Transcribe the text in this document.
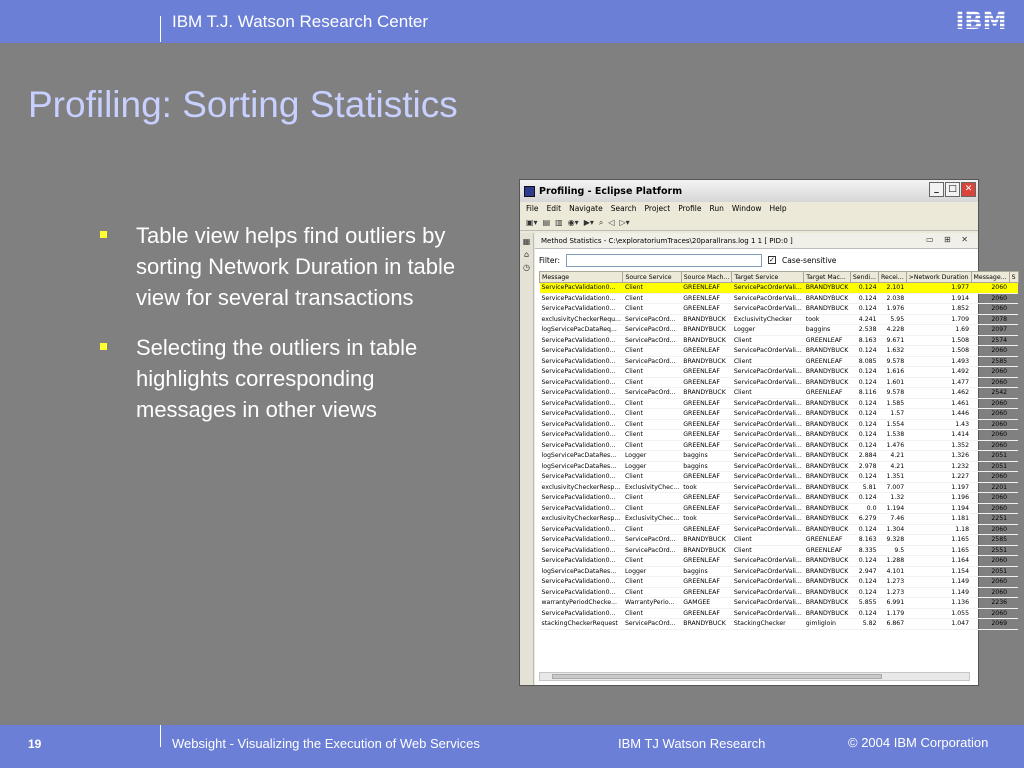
IBM T.J. Watson Research Center	IBM
Profiling: Sorting Statistics
Table view helps find outliers by sorting Network Duration in table view for several transactions
Selecting the outliers in table highlights corresponding messages in other views
Profiling - Eclipse Platform	_	□ ✕
File Edit Navigate Search Project Profile Run Window Help
▣▾ ▤ ▥ ◉▾ ▶▾ ⌕ ◁ ▷▾
▦
⌂
◷
Method Statistics - C:\exploratoriumTraces\20parallrans.log 1 1 [ PID:0 ]	▭ ⊞ ✕
Filter:	✓ Case-sensitive
Message	Source Service	Source Mach...	Target Service	Target Mac...	Sendi...	Recei...	>Network Duration	Message...	S
ServicePacValidation0...	Client	GREENLEAF	ServicePacOrderVali...	BRANDYBUCK	0.124	2.101	1.977	2060	
ServicePacValidation0...	Client	GREENLEAF	ServicePacOrderVali...	BRANDYBUCK	0.124	2.038	1.914	2060	
ServicePacValidation0...	Client	GREENLEAF	ServicePacOrderVali...	BRANDYBUCK	0.124	1.976	1.852	2060	
exclusivityCheckerRequ...	ServicePacOrd...	BRANDYBUCK	ExclusivityChecker	took	4.241	5.95	1.709	2078	
logServicePacDataReq...	ServicePacOrd...	BRANDYBUCK	Logger	baggins	2.538	4.228	1.69	2097	
ServicePacValidation0...	ServicePacOrd...	BRANDYBUCK	Client	GREENLEAF	8.163	9.671	1.508	2574	
ServicePacValidation0...	Client	GREENLEAF	ServicePacOrderVali...	BRANDYBUCK	0.124	1.632	1.508	2060	
ServicePacValidation0...	ServicePacOrd...	BRANDYBUCK	Client	GREENLEAF	8.085	9.578	1.493	2585	
ServicePacValidation0...	Client	GREENLEAF	ServicePacOrderVali...	BRANDYBUCK	0.124	1.616	1.492	2060	
ServicePacValidation0...	Client	GREENLEAF	ServicePacOrderVali...	BRANDYBUCK	0.124	1.601	1.477	2060	
ServicePacValidation0...	ServicePacOrd...	BRANDYBUCK	Client	GREENLEAF	8.116	9.578	1.462	2542	
ServicePacValidation0...	Client	GREENLEAF	ServicePacOrderVali...	BRANDYBUCK	0.124	1.585	1.461	2060	
ServicePacValidation0...	Client	GREENLEAF	ServicePacOrderVali...	BRANDYBUCK	0.124	1.57	1.446	2060	
ServicePacValidation0...	Client	GREENLEAF	ServicePacOrderVali...	BRANDYBUCK	0.124	1.554	1.43	2060	
ServicePacValidation0...	Client	GREENLEAF	ServicePacOrderVali...	BRANDYBUCK	0.124	1.538	1.414	2060	
ServicePacValidation0...	Client	GREENLEAF	ServicePacOrderVali...	BRANDYBUCK	0.124	1.476	1.352	2060	
logServicePacDataRes...	Logger	baggins	ServicePacOrderVali...	BRANDYBUCK	2.884	4.21	1.326	2051	
logServicePacDataRes...	Logger	baggins	ServicePacOrderVali...	BRANDYBUCK	2.978	4.21	1.232	2051	
ServicePacValidation0...	Client	GREENLEAF	ServicePacOrderVali...	BRANDYBUCK	0.124	1.351	1.227	2060	
exclusivityCheckerResp...	ExclusivityChec...	took	ServicePacOrderVali...	BRANDYBUCK	5.81	7.007	1.197	2201	
ServicePacValidation0...	Client	GREENLEAF	ServicePacOrderVali...	BRANDYBUCK	0.124	1.32	1.196	2060	
ServicePacValidation0...	Client	GREENLEAF	ServicePacOrderVali...	BRANDYBUCK	0.0	1.194	1.194	2060	
exclusivityCheckerResp...	ExclusivityChec...	took	ServicePacOrderVali...	BRANDYBUCK	6.279	7.46	1.181	2251	
ServicePacValidation0...	Client	GREENLEAF	ServicePacOrderVali...	BRANDYBUCK	0.124	1.304	1.18	2060	
ServicePacValidation0...	ServicePacOrd...	BRANDYBUCK	Client	GREENLEAF	8.163	9.328	1.165	2585	
ServicePacValidation0...	ServicePacOrd...	BRANDYBUCK	Client	GREENLEAF	8.335	9.5	1.165	2551	
ServicePacValidation0...	Client	GREENLEAF	ServicePacOrderVali...	BRANDYBUCK	0.124	1.288	1.164	2060	
logServicePacDataRes...	Logger	baggins	ServicePacOrderVali...	BRANDYBUCK	2.947	4.101	1.154	2051	
ServicePacValidation0...	Client	GREENLEAF	ServicePacOrderVali...	BRANDYBUCK	0.124	1.273	1.149	2060	
ServicePacValidation0...	Client	GREENLEAF	ServicePacOrderVali...	BRANDYBUCK	0.124	1.273	1.149	2060	
warrantyPeriodChecke...	WarrantyPerio...	GAMGEE	ServicePacOrderVali...	BRANDYBUCK	5.855	6.991	1.136	2236	
ServicePacValidation0...	Client	GREENLEAF	ServicePacOrderVali...	BRANDYBUCK	0.124	1.179	1.055	2060	
stackingCheckerRequest	ServicePacOrd...	BRANDYBUCK	StackingChecker	gimligloin	5.82	6.867	1.047	2069	
19	Websight - Visualizing the Execution of Web Services	IBM TJ Watson Research	© 2004 IBM Corporation
